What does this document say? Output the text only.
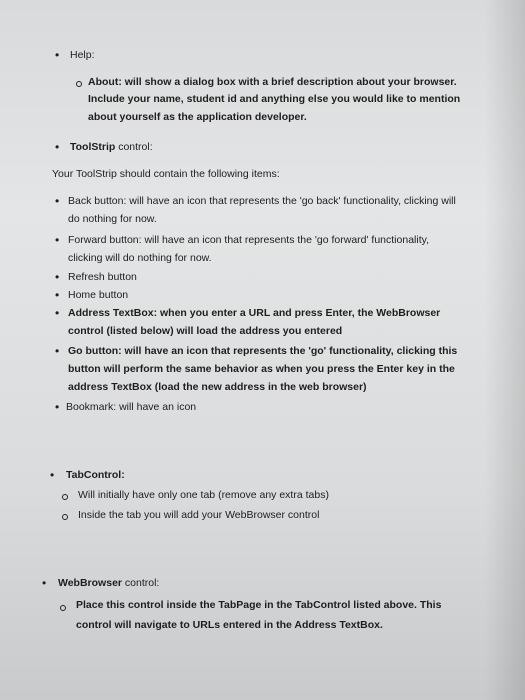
• Help:
About: will show a dialog box with a brief description about your browser.
Include your name, student id and anything else you would like to mention
about yourself as the application developer.
• ToolStrip control:
Your ToolStrip should contain the following items:
• Back button: will have an icon that represents the 'go back' functionality, clicking will
do nothing for now.
• Forward button: will have an icon that represents the 'go forward' functionality,
clicking will do nothing for now.
• Refresh button
• Home button
• Address TextBox: when you enter a URL and press Enter, the WebBrowser
control (listed below) will load the address you entered
• Go button: will have an icon that represents the 'go' functionality, clicking this
button will perform the same behavior as when you press the Enter key in the
address TextBox (load the new address in the web browser)
• Bookmark: will have an icon
• TabControl:
Will initially have only one tab (remove any extra tabs)
Inside the tab you will add your WebBrowser control
• WebBrowser control:
Place this control inside the TabPage in the TabControl listed above. This
control will navigate to URLs entered in the Address TextBox.
